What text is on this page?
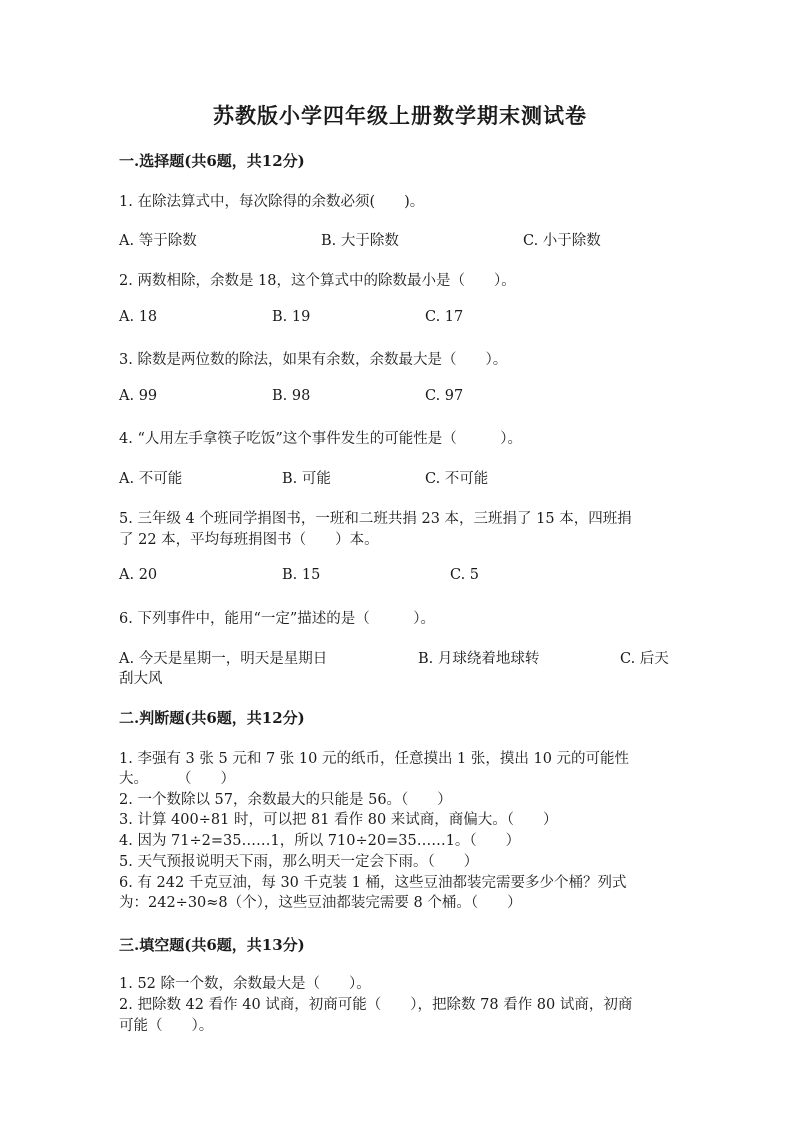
苏教版小学四年级上册数学期末测试卷
一.选择题(共6题，共12分)
1. 在除法算式中，每次除得的余数必须(　　)。
A. 等于除数	B. 大于除数	C. 小于除数
2. 两数相除，余数是 18，这个算式中的除数最小是（　　）。
A. 18	B. 19	C. 17
3. 除数是两位数的除法，如果有余数，余数最大是（　　）。
A. 99	B. 98	C. 97
4. “人用左手拿筷子吃饭”这个事件发生的可能性是（　　　）。
A. 不可能	B. 可能	C. 不可能
5. 三年级 4 个班同学捐图书，一班和二班共捐 23 本，三班捐了 15 本，四班捐
了 22 本，平均每班捐图书（　　）本。
A. 20	B. 15	C. 5
6. 下列事件中，能用“一定”描述的是（　　　）。
A. 今天是星期一，明天是星期日	B. 月球绕着地球转	C. 后天
刮大风
二.判断题(共6题，共12分)
1. 李强有 3 张 5 元和 7 张 10 元的纸币，任意摸出 1 张，摸出 10 元的可能性
大。　　　（　　）
2. 一个数除以 57，余数最大的只能是 56。（　　）
3. 计算 400÷81 时，可以把 81 看作 80 来试商，商偏大。（　　）
4. 因为 71÷2=35……1，所以 710÷20=35……1。（　　）
5. 天气预报说明天下雨，那么明天一定会下雨。（　　）
6. 有 242 千克豆油，每 30 千克装 1 桶，这些豆油都装完需要多少个桶？列式
为：242÷30≈8（个），这些豆油都装完需要 8 个桶。（　　）
三.填空题(共6题，共13分)
1. 52 除一个数，余数最大是（　　）。
2. 把除数 42 看作 40 试商，初商可能（　　），把除数 78 看作 80 试商，初商
可能（　　）。
